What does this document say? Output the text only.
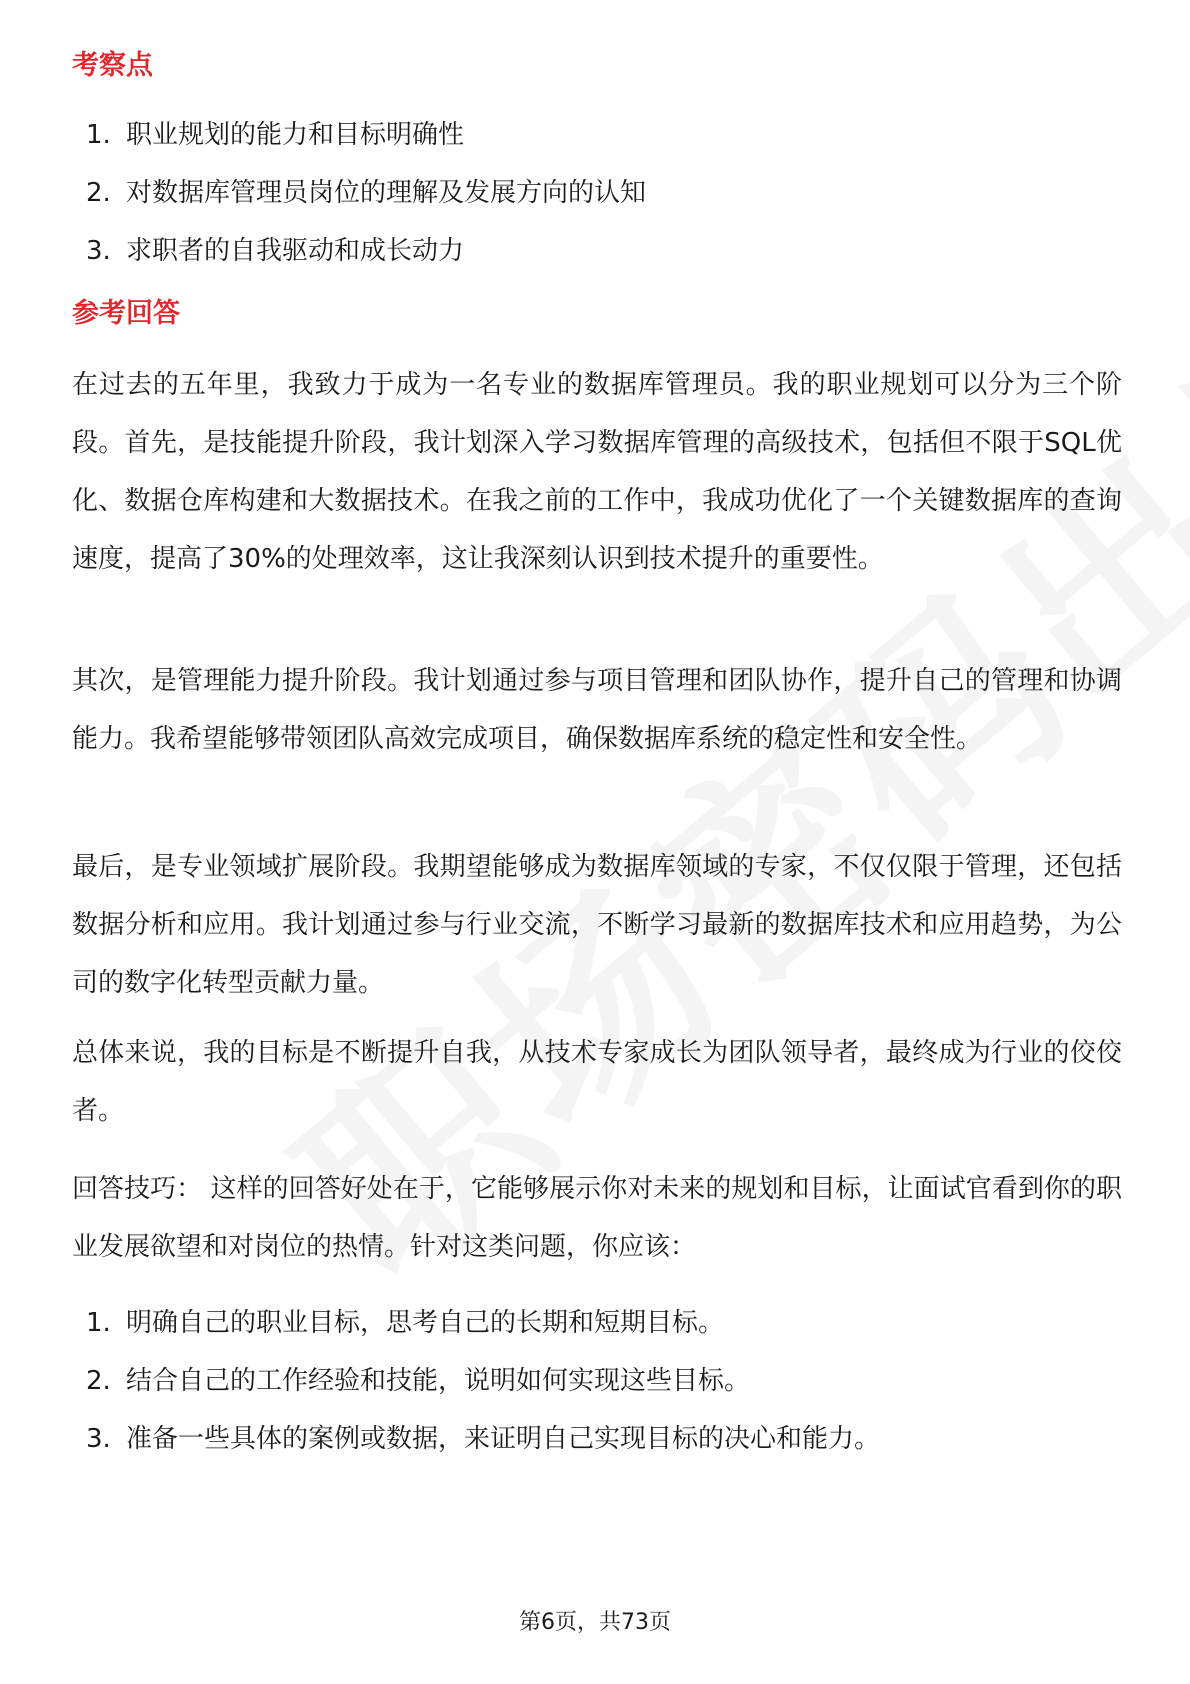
考察点
1. 职业规划的能力和目标明确性
2. 对数据库管理员岗位的理解及发展方向的认知
3. 求职者的自我驱动和成长动力
参考回答

在过去的五年里，我致力于成为一名专业的数据库管理员。我的职业规划可以分为三个阶段。首先，是技能提升阶段，我计划深入学习数据库管理的高级技术，包括但不限于SQL优化、数据仓库构建和大数据技术。在我之前的工作中，我成功优化了一个关键数据库的查询速度，提高了30%的处理效率，这让我深刻认识到技术提升的重要性。

其次，是管理能力提升阶段。我计划通过参与项目管理和团队协作，提升自己的管理和协调能力。我希望能够带领团队高效完成项目，确保数据库系统的稳定性和安全性。

最后，是专业领域扩展阶段。我期望能够成为数据库领域的专家，不仅仅限于管理，还包括数据分析和应用。我计划通过参与行业交流，不断学习最新的数据库技术和应用趋势，为公司的数字化转型贡献力量。

总体来说，我的目标是不断提升自我，从技术专家成长为团队领导者，最终成为行业的佼佼者。

回答技巧： 这样的回答好处在于，它能够展示你对未来的规划和目标，让面试官看到你的职业发展欲望和对岗位的热情。针对这类问题，你应该：

1. 明确自己的职业目标，思考自己的长期和短期目标。
2. 结合自己的工作经验和技能，说明如何实现这些目标。
3. 准备一些具体的案例或数据，来证明自己实现目标的决心和能力。
第6页，共73页
